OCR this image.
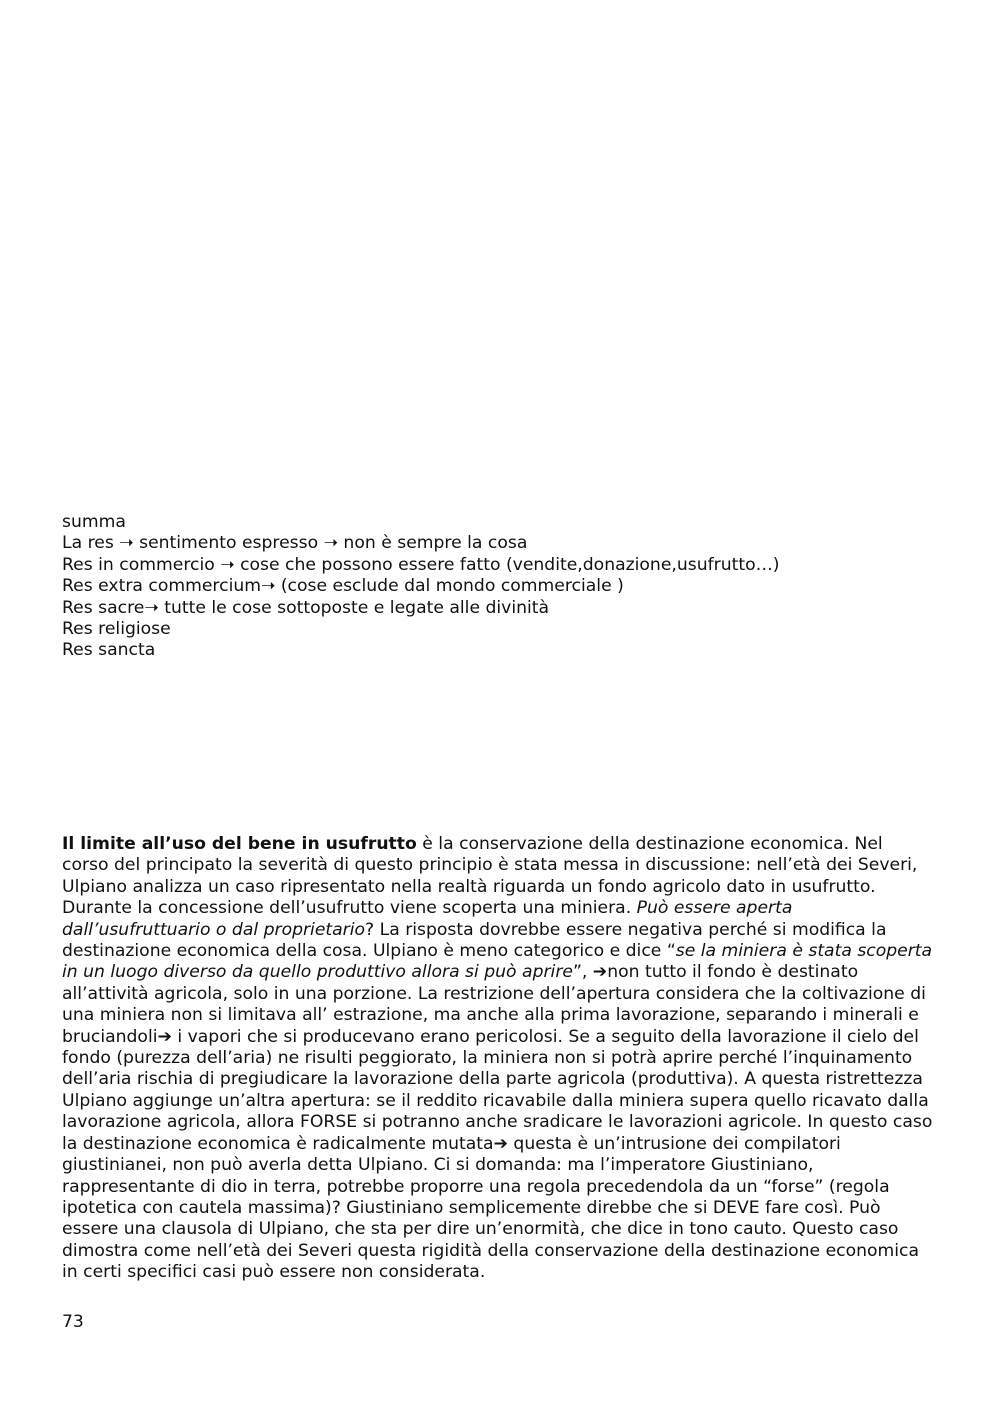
summa
La res ➝ sentimento espresso ➝ non è sempre la cosa
Res in commercio ➝ cose che possono essere fatto (vendite,donazione,usufrutto…)
Res extra commercium➝ (cose esclude dal mondo commerciale )
Res sacre➝ tutte le cose sottoposte e legate alle divinità
Res religiose
Res sancta
Il limite all’uso del bene in usufrutto è la conservazione della destinazione economica. Nel corso del principato la severità di questo principio è stata messa in discussione: nell’età dei Severi, Ulpiano analizza un caso ripresentato nella realtà riguarda un fondo agricolo dato in usufrutto. Durante la concessione dell’usufrutto viene scoperta una miniera. Può essere aperta dall’usufruttuario o dal proprietario? La risposta dovrebbe essere negativa perché si modifica la destinazione economica della cosa. Ulpiano è meno categorico e dice “se la miniera è stata scoperta in un luogo diverso da quello produttivo allora si può aprire”, ➔non tutto il fondo è destinato all’attività agricola, solo in una porzione. La restrizione dell’apertura considera che la coltivazione di una miniera non si limitava all’ estrazione, ma anche alla prima lavorazione, separando i minerali e bruciandoli➔ i vapori che si producevano erano pericolosi. Se a seguito della lavorazione il cielo del fondo (purezza dell’aria) ne risulti peggiorato, la miniera non si potrà aprire perché l’inquinamento dell’aria rischia di pregiudicare la lavorazione della parte agricola (produttiva). A questa ristrettezza Ulpiano aggiunge un’altra apertura: se il reddito ricavabile dalla miniera supera quello ricavato dalla lavorazione agricola, allora FORSE si potranno anche sradicare le lavorazioni agricole. In questo caso la destinazione economica è radicalmente mutata➔ questa è un’intrusione dei compilatori giustinianei, non può averla detta Ulpiano. Ci si domanda: ma l’imperatore Giustiniano, rappresentante di dio in terra, potrebbe proporre una regola precedendola da un “forse” (regola ipotetica con cautela massima)? Giustiniano semplicemente direbbe che si DEVE fare così. Può essere una clausola di Ulpiano, che sta per dire un’enormità, che dice in tono cauto. Questo caso dimostra come nell’età dei Severi questa rigidità della conservazione della destinazione economica in certi specifici casi può essere non considerata.
73
